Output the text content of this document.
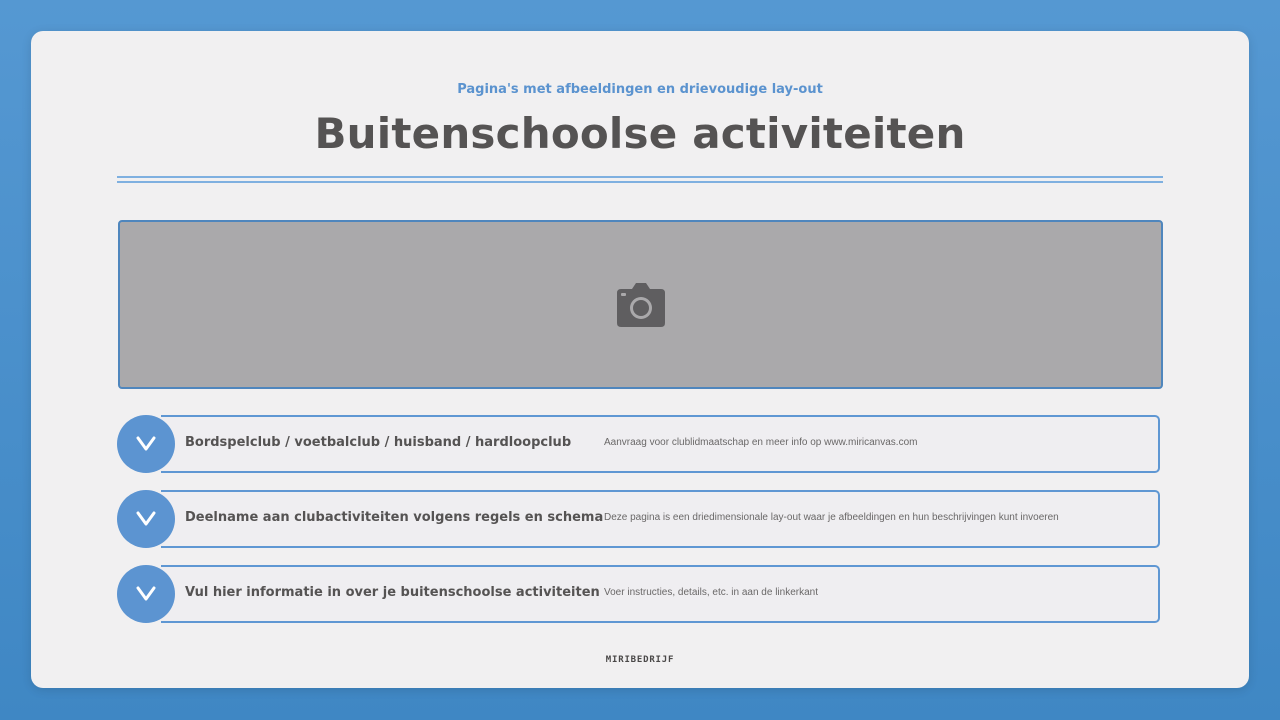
Pagina's met afbeeldingen en drievoudige lay-out
Buitenschoolse activiteiten
Bordspelclub / voetbalclub / huisband / hardloopclub	Aanvraag voor clublidmaatschap en meer info op www.miricanvas.com
Deelname aan clubactiviteiten volgens regels en schema Deze pagina is een driedimensionale lay-out waar je afbeeldingen en hun beschrijvingen kunt invoeren
Vul hier informatie in over je buitenschoolse activiteiten Voer instructies, details, etc. in aan de linkerkant
MIRIBEDRIJF
